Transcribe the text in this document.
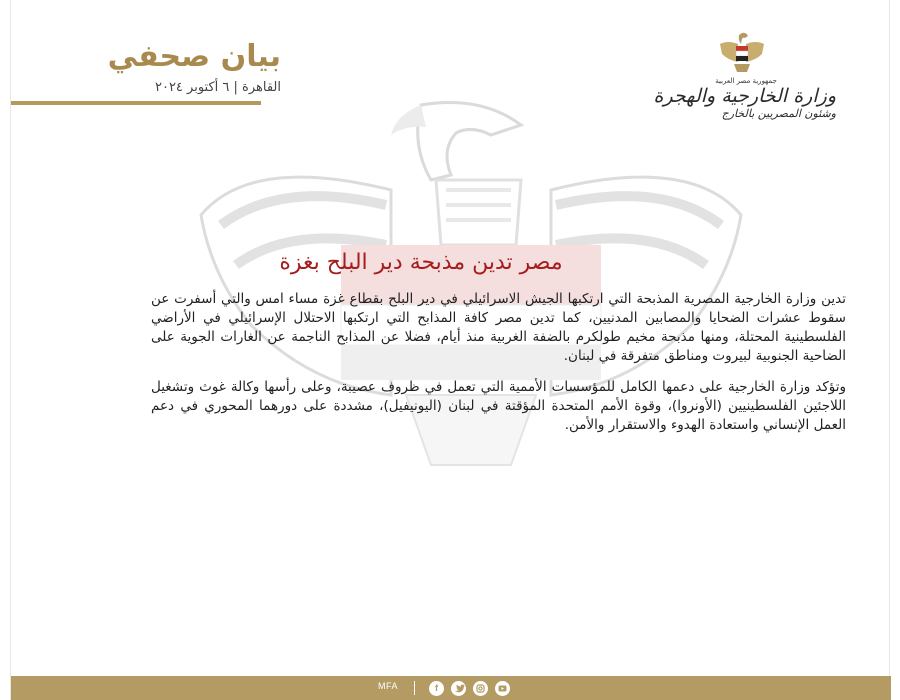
بيان صحفي
القاهرة | ٦ أكتوبر ٢٠٢٤	جمهورية مصر العربية
وزارة الخارجية والهجرة
وشئون المصريين بالخارج
مصر تدين مذبحة دير البلح بغزة

تدين وزارة الخارجية المصرية المذبحة التي ارتكبها الجيش الاسرائيلي في دير البلح بقطاع غزة مساء امس والتي أسفرت عن سقوط عشرات الضحايا والمصابين المدنيين، كما تدين مصر كافة المذابح التي ارتكبها الاحتلال الإسرائيلي في الأراضي الفلسطينية المحتلة، ومنها مذبحة مخيم طولكرم بالضفة الغربية منذ أيام، فضلا عن المذابح الناجمة عن الغارات الجوية على الضاحية الجنوبية لبيروت ومناطق متفرقة في لبنان.

وتؤكد وزارة الخارجية على دعمها الكامل للمؤسسات الأممية التي تعمل في ظروف عصيبة، وعلى رأسها وكالة غوث وتشغيل اللاجئين الفلسطينيين (الأونروا)، وقوة الأمم المتحدة المؤقتة في لبنان (اليونيفيل)، مشددة على دورهما المحوري في دعم العمل الإنساني واستعادة الهدوء والاستقرار والأمن.

MFA	f
